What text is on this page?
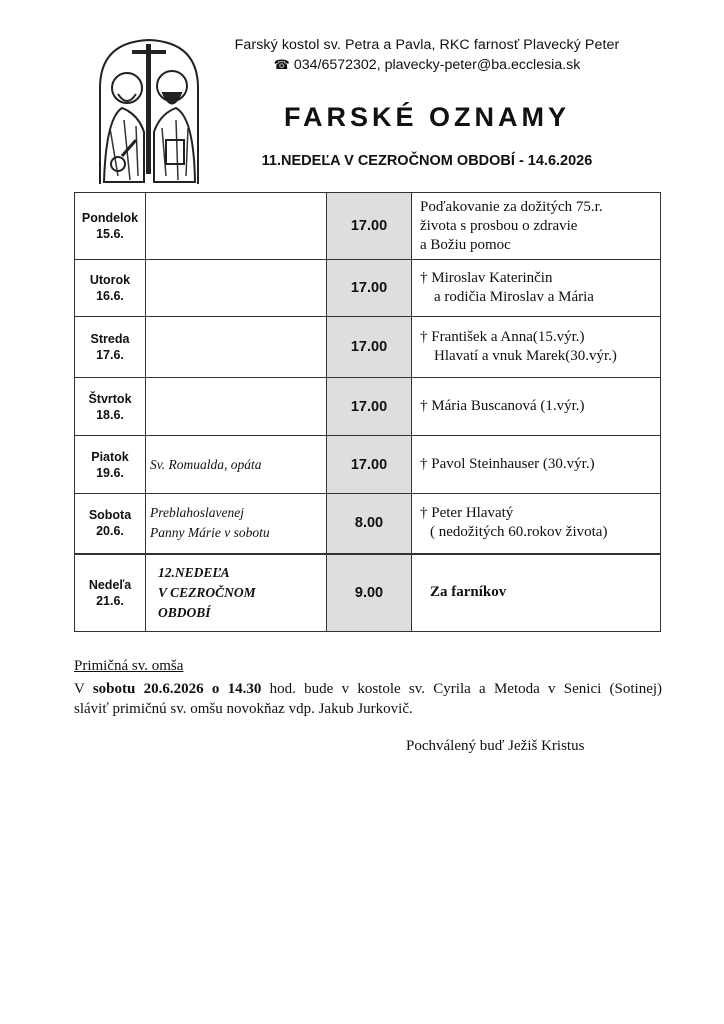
Farský kostol sv. Petra a Pavla, RKC farnosť Plavecký Peter
☎ 034/6572302, plavecky-peter@ba.ecclesia.sk
FARSKÉ OZNAMY
11.NEDEĽA V CEZROČNOM OBDOBÍ - 14.6.2026
Pondelok
15.6.		17.00	Poďakovanie za dožitých 75.r.
života s prosbou o zdravie
a Božiu pomoc

Utorok
16.6.		17.00	† Miroslav Katerinčin
a rodičia Miroslav a Mária

Streda
17.6.		17.00	† František a Anna(15.výr.)
Hlavatí a vnuk Marek(30.výr.)

Štvrtok
18.6.		17.00	† Mária Buscanová (1.výr.)

Piatok
19.6.	Sv. Romualda, opáta	17.00	† Pavol Steinhauser (30.výr.)

Sobota
20.6.	Preblahoslavenej
Panny Márie v sobotu	8.00	† Peter Hlavatý
( nedožitých 60.rokov života)

Nedeľa
21.6.	12.NEDEĽA
V CEZROČNOM
OBDOBÍ	9.00	Za farníkov
Primičná sv. omša
V sobotu 20.6.2026 o 14.30 hod. bude v kostole sv. Cyrila a Metoda v Senici (Sotinej)
sláviť primičnú sv. omšu novokňaz vdp. Jakub Jurkovič.
Pochválený buď Ježiš Kristus
